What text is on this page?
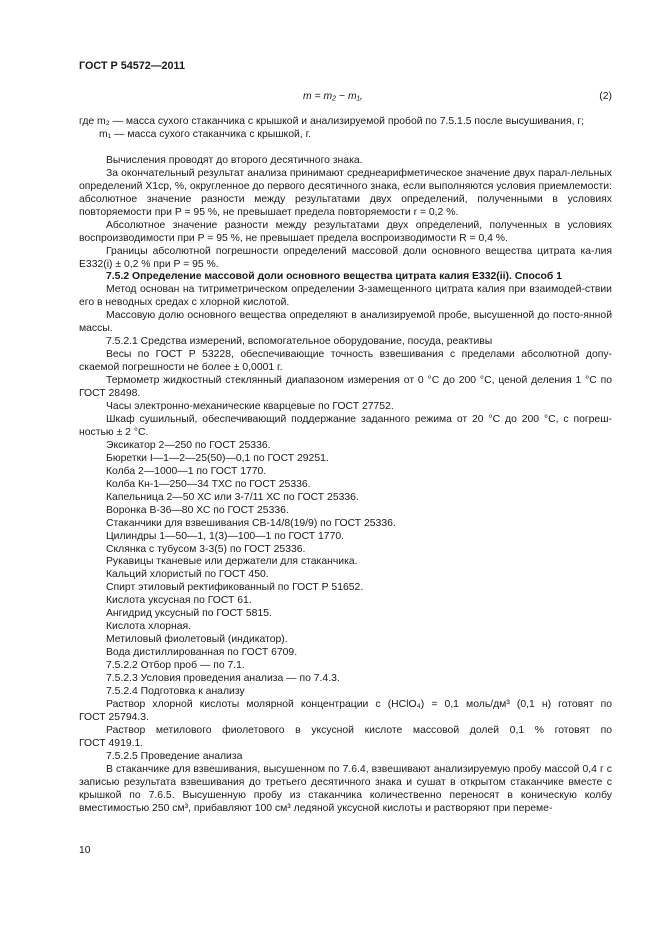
ГОСТ Р 54572—2011
m = m₂ − m₁,	(2)

где m₂ — масса сухого стаканчика с крышкой и анализируемой пробой по 7.5.1.5 после высушивания, г;

m₁ — масса сухого стаканчика с крышкой, г.

Вычисления проводят до второго десятичного знака.

За окончательный результат анализа принимают среднеарифметическое значение двух парал-лельных определений X1ср, %, округленное до первого десятичного знака, если выполняются условия приемлемости: абсолютное значение разности между результатами двух определений, полученными в условиях повторяемости при P = 95 %, не превышает предела повторяемости r = 0,2 %.

Абсолютное значение разности между результатами двух определений, полученных в условиях воспроизводимости при P = 95 %, не превышает предела воспроизводимости R = 0,4 %.

Границы абсолютной погрешности определений массовой доли основного вещества цитрата ка-лия Е332(i) ± 0,2 % при P = 95 %.

7.5.2 Определение массовой доли основного вещества цитрата калия Е332(ii). Способ 1

Метод основан на титриметрическом определении 3-замещенного цитрата калия при взаимодей-ствии его в неводных средах с хлорной кислотой.

Массовую долю основного вещества определяют в анализируемой пробе, высушенной до посто-янной массы.

7.5.2.1 Средства измерений, вспомогательное оборудование, посуда, реактивы

Весы по ГОСТ Р 53228, обеспечивающие точность взвешивания с пределами абсолютной допу-скаемой погрешности не более ± 0,0001 г.

Термометр жидкостный стеклянный диапазоном измерения от 0 °С до 200 °С, ценой деления 1 °С по ГОСТ 28498.

Часы электронно-механические кварцевые по ГОСТ 27752.

Шкаф сушильный, обеспечивающий поддержание заданного режима от 20 °С до 200 °С, с погреш-ностью ± 2 °С.

Эксикатор 2—250 по ГОСТ 25336.

Бюретки I—1—2—25(50)—0,1 по ГОСТ 29251.

Колба 2—1000—1 по ГОСТ 1770.

Колба Кн-1—250—34 ТХС по ГОСТ 25336.

Капельница 2—50 ХС или 3-7/11 ХС по ГОСТ 25336.

Воронка В-36—80 ХС по ГОСТ 25336.

Стаканчики для взвешивания СВ-14/8(19/9) по ГОСТ 25336.

Цилиндры 1—50—1, 1(3)—100—1 по ГОСТ 1770.

Склянка с тубусом 3-3(5) по ГОСТ 25336.

Рукавицы тканевые или держатели для стаканчика.

Кальций хлористый по ГОСТ 450.

Спирт этиловый ректификованный по ГОСТ Р 51652.

Кислота уксусная по ГОСТ 61.

Ангидрид уксусный по ГОСТ 5815.

Кислота хлорная.

Метиловый фиолетовый (индикатор).

Вода дистиллированная по ГОСТ 6709.

7.5.2.2 Отбор проб — по 7.1.

7.5.2.3 Условия проведения анализа — по 7.4.3.

7.5.2.4 Подготовка к анализу

Раствор хлорной кислоты молярной концентрации c (HClO₄) = 0,1 моль/дм³ (0,1 н) готовят по

ГОСТ 25794.3.

Раствор метилового фиолетового в уксусной кислоте массовой долей 0,1 % готовят по

ГОСТ 4919.1.

7.5.2.5 Проведение анализа

В стаканчике для взвешивания, высушенном по 7.6.4, взвешивают анализируемую пробу массой 0,4 г с записью результата взвешивания до третьего десятичного знака и сушат в открытом стаканчике вместе с крышкой по 7.6.5. Высушенную пробу из стаканчика количественно переносят в коническую колбу вместимостью 250 см³, прибавляют 100 см³ ледяной уксусной кислоты и растворяют при переме-

10
